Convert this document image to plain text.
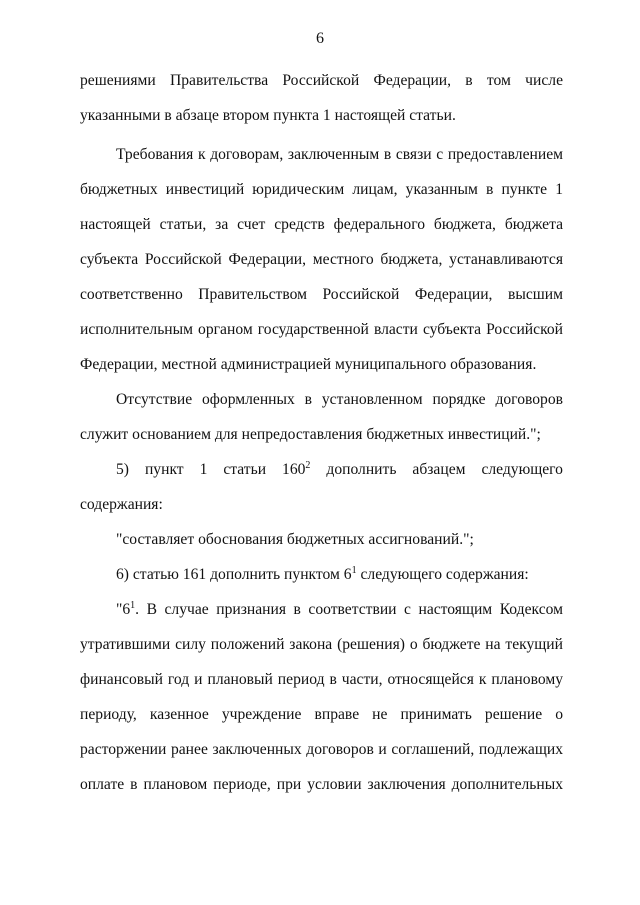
6
решениями Правительства Российской Федерации, в том числе
указанными в абзаце втором пункта 1 настоящей статьи.
Требования к договорам, заключенным в связи с предоставлением
бюджетных инвестиций юридическим лицам, указанным в пункте 1
настоящей статьи, за счет средств федерального бюджета, бюджета
субъекта Российской Федерации, местного бюджета, устанавливаются
соответственно Правительством Российской Федерации, высшим
исполнительным органом государственной власти субъекта Российской
Федерации, местной администрацией муниципального образования.
Отсутствие оформленных в установленном порядке договоров
служит основанием для непредоставления бюджетных инвестиций.";
5) пункт 1 статьи $160^2$ дополнить абзацем следующего содержания:
"составляет обоснования бюджетных ассигнований.";
6) статью 161 дополнить пунктом $6^1$ следующего содержания:
"$6^1$. В случае признания в соответствии с настоящим Кодексом
утратившими силу положений закона (решения) о бюджете на текущий
финансовый год и плановый период в части, относящейся к плановому
периоду, казенное учреждение вправе не принимать решение о
расторжении ранее заключенных договоров и соглашений, подлежащих
оплате в плановом периоде, при условии заключения дополнительных
